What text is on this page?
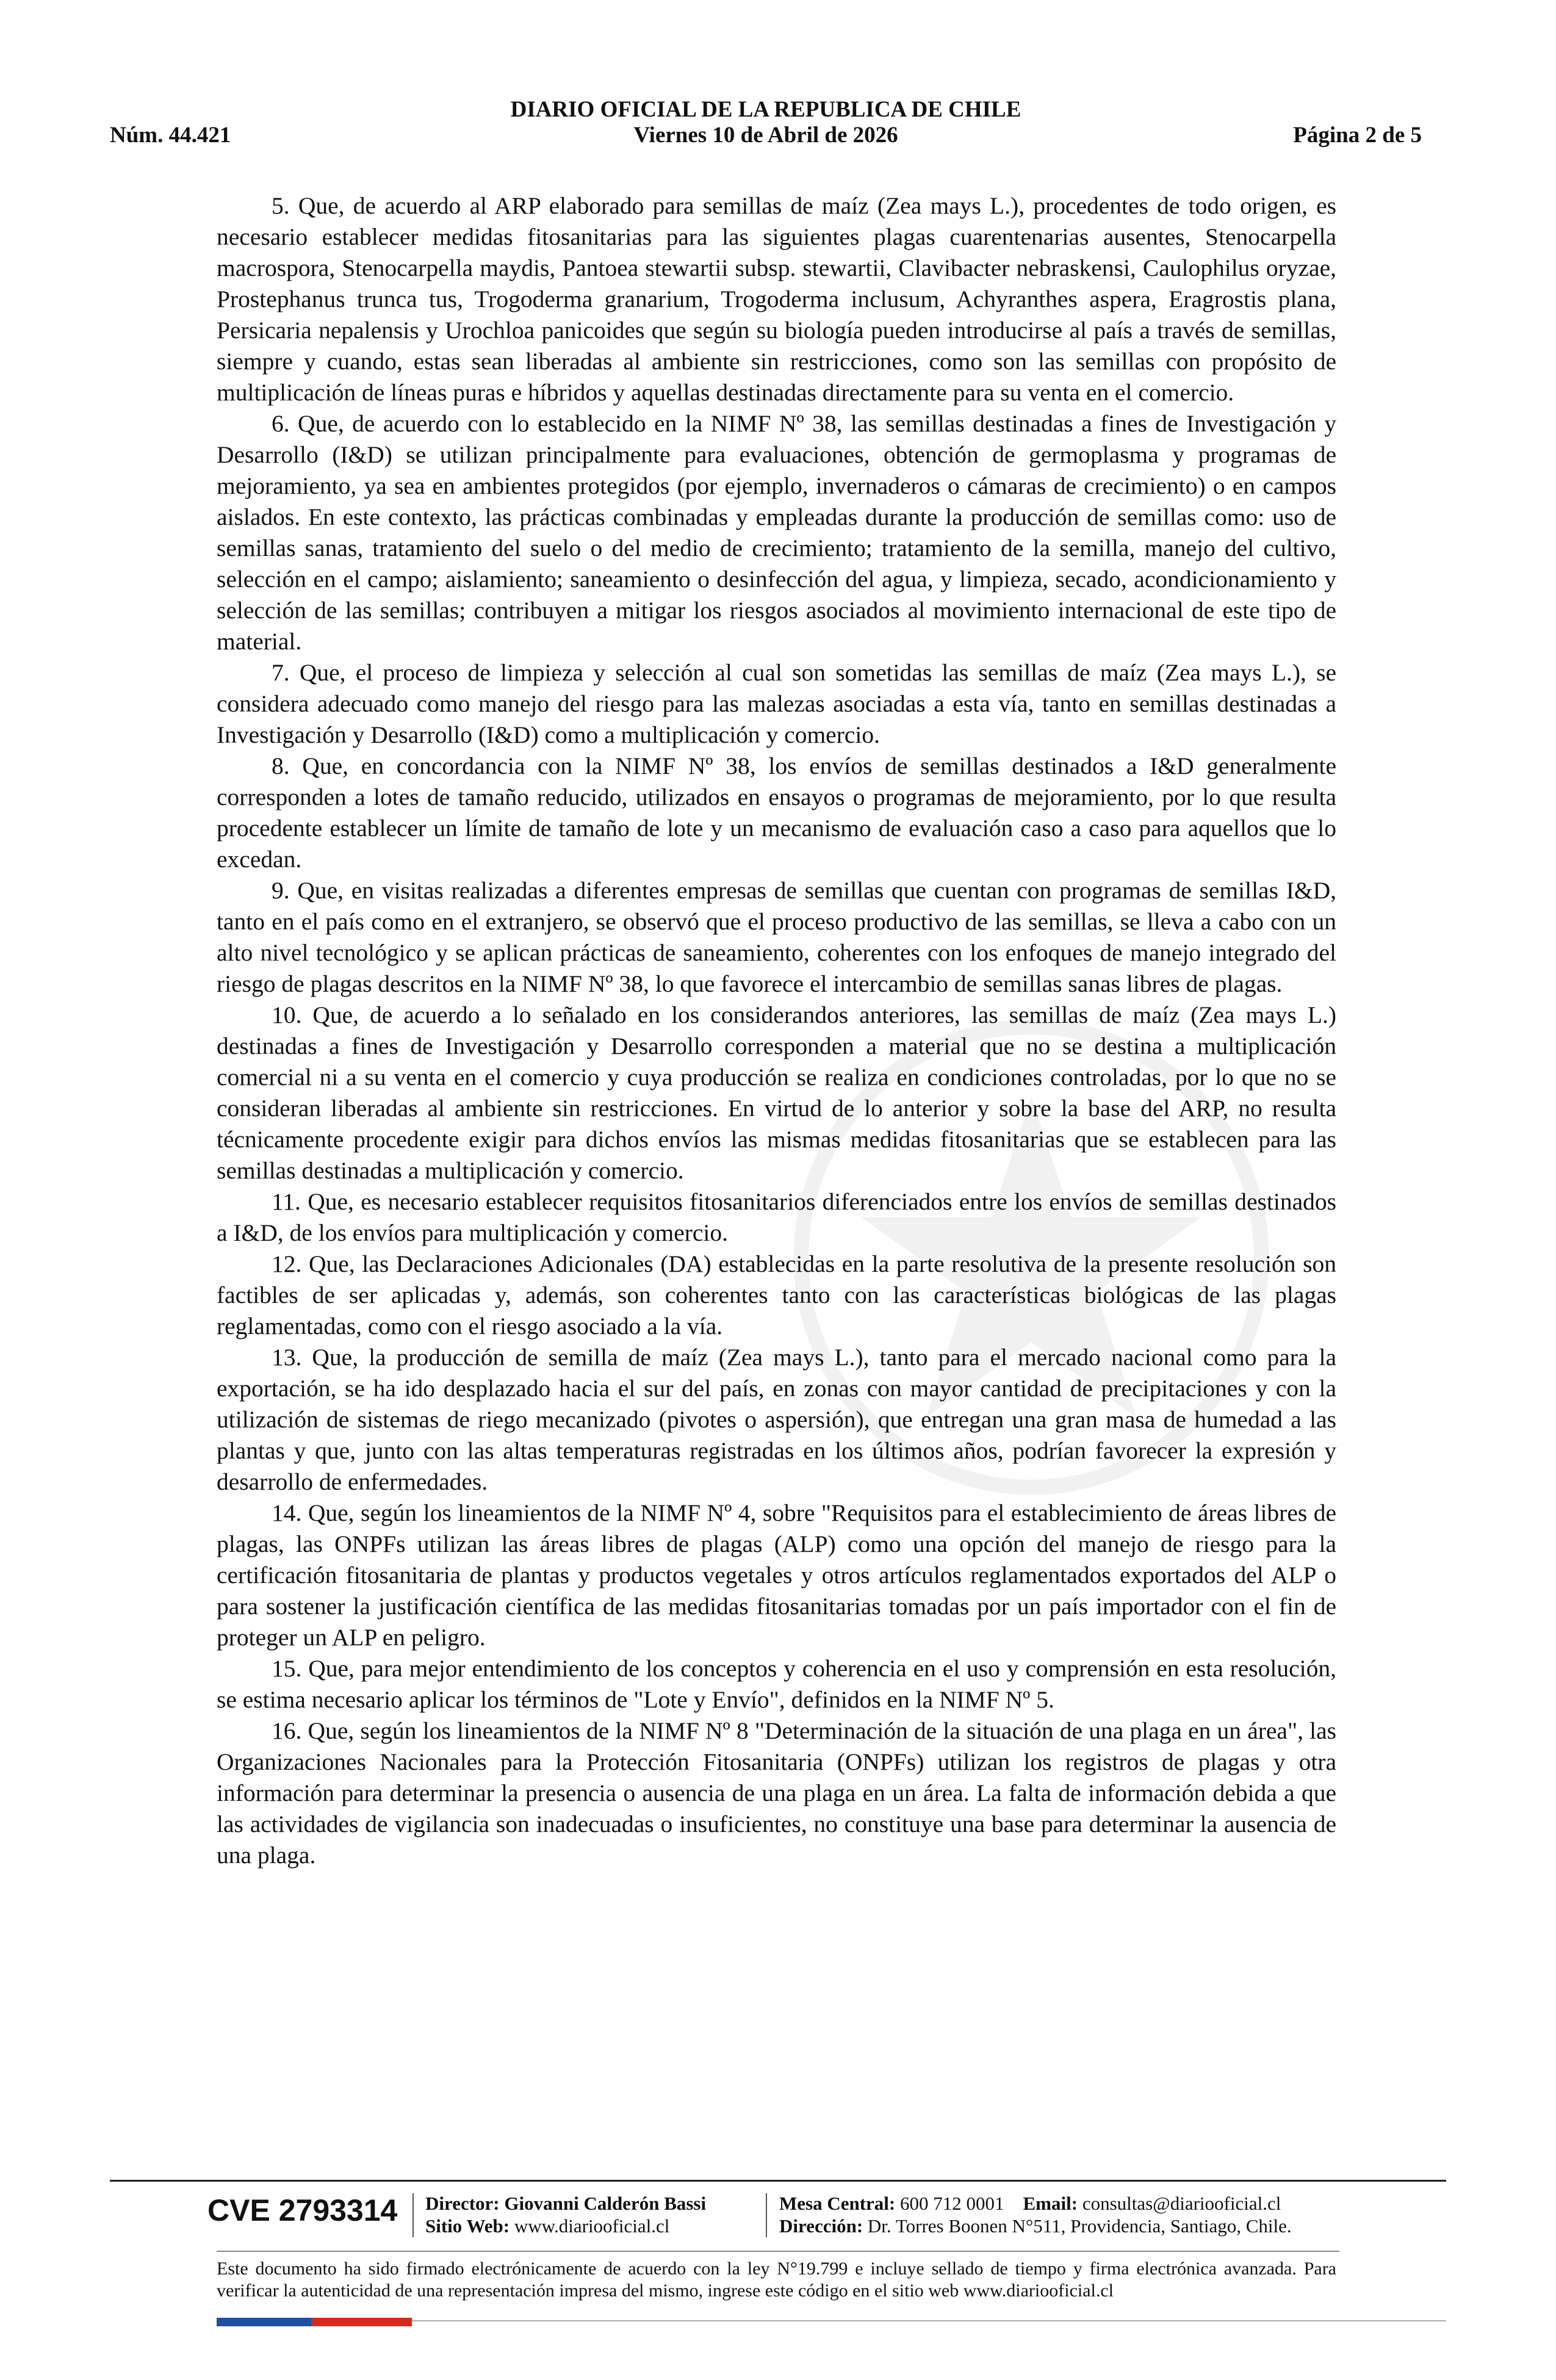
DIARIO OFICIAL DE LA REPUBLICA DE CHILE
Núm. 44.421	Viernes 10 de Abril de 2026	Página 2 de 5

5. Que, de acuerdo al ARP elaborado para semillas de maíz (Zea mays L.), procedentes de todo origen, es necesario establecer medidas fitosanitarias para las siguientes plagas cuarentenarias ausentes, Stenocarpella macrospora, Stenocarpella maydis, Pantoea stewartii subsp. stewartii, Clavibacter nebraskensi, Caulophilus oryzae, Prostephanus trunca tus, Trogoderma granarium, Trogoderma inclusum, Achyranthes aspera, Eragrostis plana, Persicaria nepalensis y Urochloa panicoides que según su biología pueden introducirse al país a través de semillas, siempre y cuando, estas sean liberadas al ambiente sin restricciones, como son las semillas con propósito de multiplicación de líneas puras e híbridos y aquellas destinadas directamente para su venta en el comercio.

6. Que, de acuerdo con lo establecido en la NIMF Nº 38, las semillas destinadas a fines de Investigación y Desarrollo (I&D) se utilizan principalmente para evaluaciones, obtención de germoplasma y programas de mejoramiento, ya sea en ambientes protegidos (por ejemplo, invernaderos o cámaras de crecimiento) o en campos aislados. En este contexto, las prácticas combinadas y empleadas durante la producción de semillas como: uso de semillas sanas, tratamiento del suelo o del medio de crecimiento; tratamiento de la semilla, manejo del cultivo, selección en el campo; aislamiento; saneamiento o desinfección del agua, y limpieza, secado, acondicionamiento y selección de las semillas; contribuyen a mitigar los riesgos asociados al movimiento internacional de este tipo de material.

7. Que, el proceso de limpieza y selección al cual son sometidas las semillas de maíz (Zea mays L.), se considera adecuado como manejo del riesgo para las malezas asociadas a esta vía, tanto en semillas destinadas a Investigación y Desarrollo (I&D) como a multiplicación y comercio.

8. Que, en concordancia con la NIMF Nº 38, los envíos de semillas destinados a I&D generalmente corresponden a lotes de tamaño reducido, utilizados en ensayos o programas de mejoramiento, por lo que resulta procedente establecer un límite de tamaño de lote y un mecanismo de evaluación caso a caso para aquellos que lo excedan.

9. Que, en visitas realizadas a diferentes empresas de semillas que cuentan con programas de semillas I&D, tanto en el país como en el extranjero, se observó que el proceso productivo de las semillas, se lleva a cabo con un alto nivel tecnológico y se aplican prácticas de saneamiento, coherentes con los enfoques de manejo integrado del riesgo de plagas descritos en la NIMF Nº 38, lo que favorece el intercambio de semillas sanas libres de plagas.

10. Que, de acuerdo a lo señalado en los considerandos anteriores, las semillas de maíz (Zea mays L.) destinadas a fines de Investigación y Desarrollo corresponden a material que no se destina a multiplicación comercial ni a su venta en el comercio y cuya producción se realiza en condiciones controladas, por lo que no se consideran liberadas al ambiente sin restricciones. En virtud de lo anterior y sobre la base del ARP, no resulta técnicamente procedente exigir para dichos envíos las mismas medidas fitosanitarias que se establecen para las semillas destinadas a multiplicación y comercio.

11. Que, es necesario establecer requisitos fitosanitarios diferenciados entre los envíos de semillas destinados a I&D, de los envíos para multiplicación y comercio.

12. Que, las Declaraciones Adicionales (DA) establecidas en la parte resolutiva de la presente resolución son factibles de ser aplicadas y, además, son coherentes tanto con las características biológicas de las plagas reglamentadas, como con el riesgo asociado a la vía.

13. Que, la producción de semilla de maíz (Zea mays L.), tanto para el mercado nacional como para la exportación, se ha ido desplazado hacia el sur del país, en zonas con mayor cantidad de precipitaciones y con la utilización de sistemas de riego mecanizado (pivotes o aspersión), que entregan una gran masa de humedad a las plantas y que, junto con las altas temperaturas registradas en los últimos años, podrían favorecer la expresión y desarrollo de enfermedades.

14. Que, según los lineamientos de la NIMF Nº 4, sobre "Requisitos para el establecimiento de áreas libres de plagas, las ONPFs utilizan las áreas libres de plagas (ALP) como una opción del manejo de riesgo para la certificación fitosanitaria de plantas y productos vegetales y otros artículos reglamentados exportados del ALP o para sostener la justificación científica de las medidas fitosanitarias tomadas por un país importador con el fin de proteger un ALP en peligro.

15. Que, para mejor entendimiento de los conceptos y coherencia en el uso y comprensión en esta resolución, se estima necesario aplicar los términos de "Lote y Envío", definidos en la NIMF Nº 5.

16. Que, según los lineamientos de la NIMF Nº 8 "Determinación de la situación de una plaga en un área", las Organizaciones Nacionales para la Protección Fitosanitaria (ONPFs) utilizan los registros de plagas y otra información para determinar la presencia o ausencia de una plaga en un área. La falta de información debida a que las actividades de vigilancia son inadecuadas o insuficientes, no constituye una base para determinar la ausencia de una plaga.

CVE 2793314 Director: Giovanni Calderón Bassi
Sitio Web: www.diariooficial.cl
Mesa Central: 600 712 0001 Email: consultas@diariooficial.cl
Dirección: Dr. Torres Boonen N°511, Providencia, Santiago, Chile.
Este documento ha sido firmado electrónicamente de acuerdo con la ley N°19.799 e incluye sellado de tiempo y firma electrónica avanzada. Para verificar la autenticidad de una representación impresa del mismo, ingrese este código en el sitio web www.diariooficial.cl
